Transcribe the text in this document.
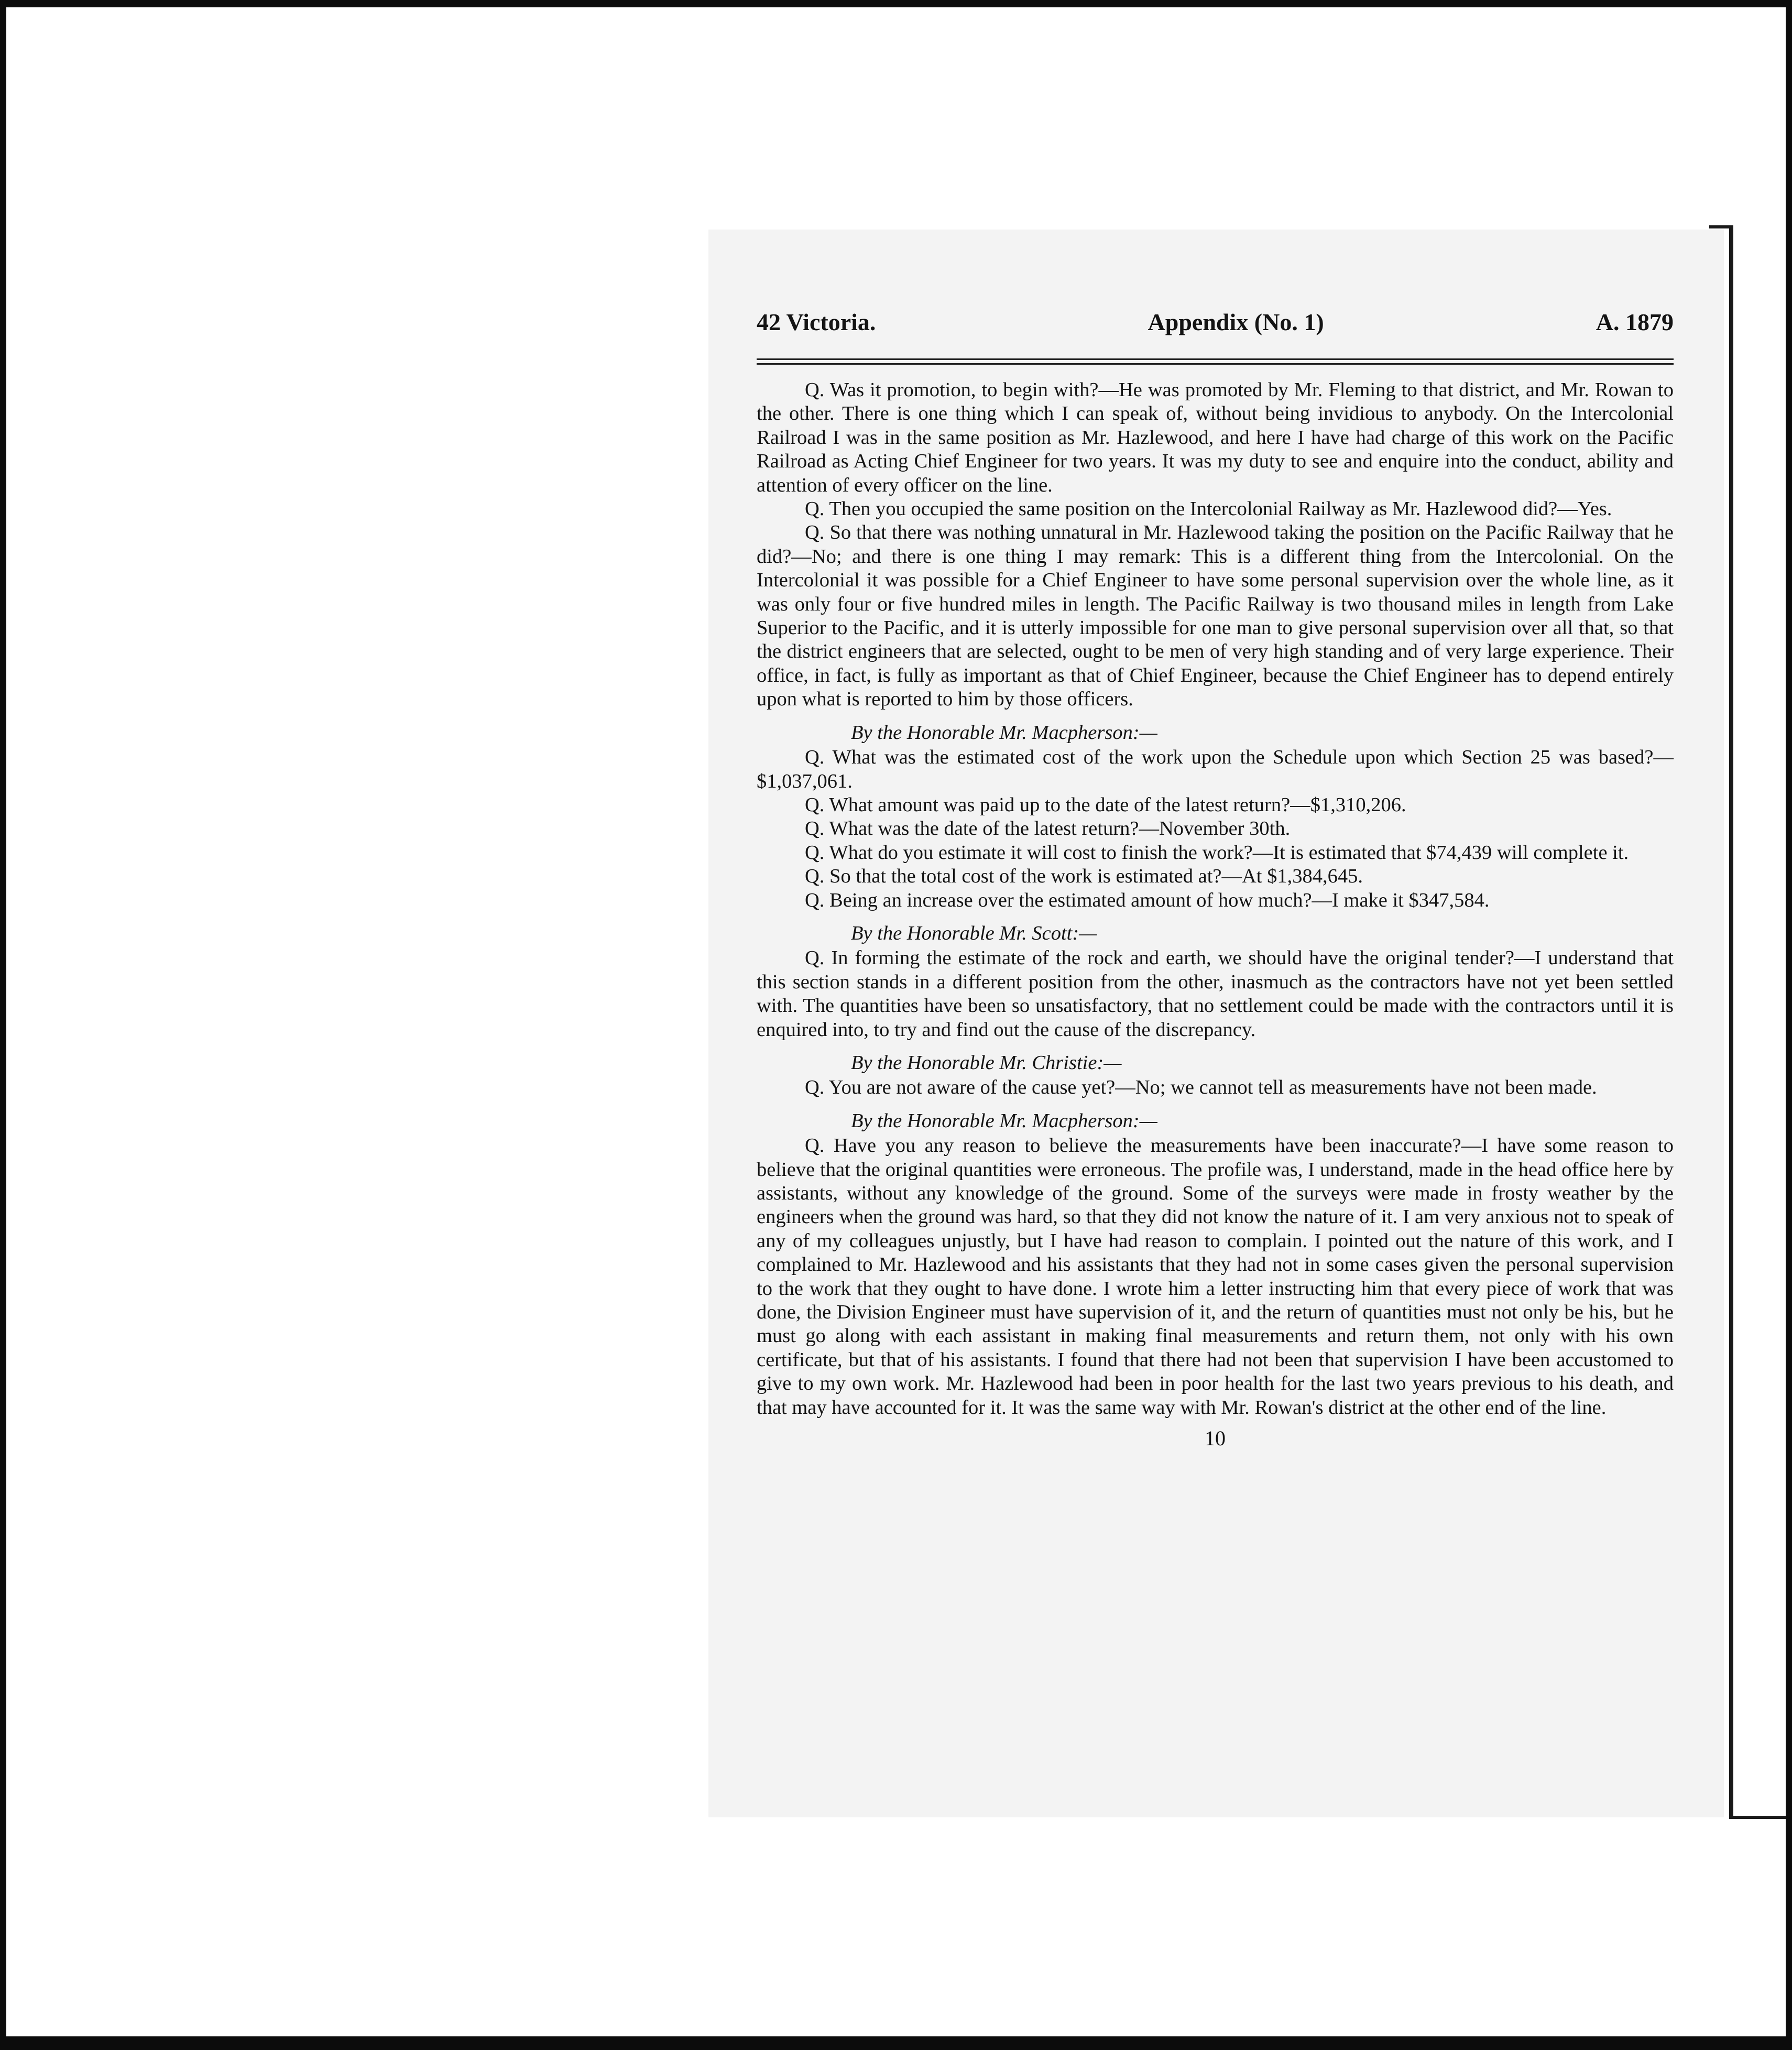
42 Victoria.	Appendix (No. 1)	A. 1879

Q. Was it promotion, to begin with?—He was promoted by Mr. Fleming to that district, and Mr. Rowan to the other. There is one thing which I can speak of, without being invidious to anybody. On the Intercolonial Railroad I was in the same position as Mr. Hazlewood, and here I have had charge of this work on the Pacific Railroad as Acting Chief Engineer for two years. It was my duty to see and enquire into the conduct, ability and attention of every officer on the line.

Q. Then you occupied the same position on the Intercolonial Railway as Mr. Hazlewood did?—Yes.

Q. So that there was nothing unnatural in Mr. Hazlewood taking the position on the Pacific Railway that he did?—No; and there is one thing I may remark: This is a different thing from the Intercolonial. On the Intercolonial it was possible for a Chief Engineer to have some personal supervision over the whole line, as it was only four or five hundred miles in length. The Pacific Railway is two thousand miles in length from Lake Superior to the Pacific, and it is utterly impossible for one man to give personal supervision over all that, so that the district engineers that are selected, ought to be men of very high standing and of very large experience. Their office, in fact, is fully as important as that of Chief Engineer, because the Chief Engineer has to depend entirely upon what is reported to him by those officers.

By the Honorable Mr. Macpherson:—

Q. What was the estimated cost of the work upon the Schedule upon which Section 25 was based?—$1,037,061.

Q. What amount was paid up to the date of the latest return?—$1,310,206.

Q. What was the date of the latest return?—November 30th.

Q. What do you estimate it will cost to finish the work?—It is estimated that $74,439 will complete it.

Q. So that the total cost of the work is estimated at?—At $1,384,645.

Q. Being an increase over the estimated amount of how much?—I make it $347,584.

By the Honorable Mr. Scott:—

Q. In forming the estimate of the rock and earth, we should have the original tender?—I understand that this section stands in a different position from the other, inasmuch as the contractors have not yet been settled with. The quantities have been so unsatisfactory, that no settlement could be made with the contractors until it is enquired into, to try and find out the cause of the discrepancy.

By the Honorable Mr. Christie:—

Q. You are not aware of the cause yet?—No; we cannot tell as measurements have not been made.

By the Honorable Mr. Macpherson:—

Q. Have you any reason to believe the measurements have been inaccurate?—I have some reason to believe that the original quantities were erroneous. The profile was, I understand, made in the head office here by assistants, without any knowledge of the ground. Some of the surveys were made in frosty weather by the engineers when the ground was hard, so that they did not know the nature of it. I am very anxious not to speak of any of my colleagues unjustly, but I have had reason to complain. I pointed out the nature of this work, and I complained to Mr. Hazlewood and his assistants that they had not in some cases given the personal supervision to the work that they ought to have done. I wrote him a letter instructing him that every piece of work that was done, the Division Engineer must have supervision of it, and the return of quantities must not only be his, but he must go along with each assistant in making final measurements and return them, not only with his own certificate, but that of his assistants. I found that there had not been that supervision I have been accustomed to give to my own work. Mr. Hazlewood had been in poor health for the last two years previous to his death, and that may have accounted for it. It was the same way with Mr. Rowan's district at the other end of the line.

10
